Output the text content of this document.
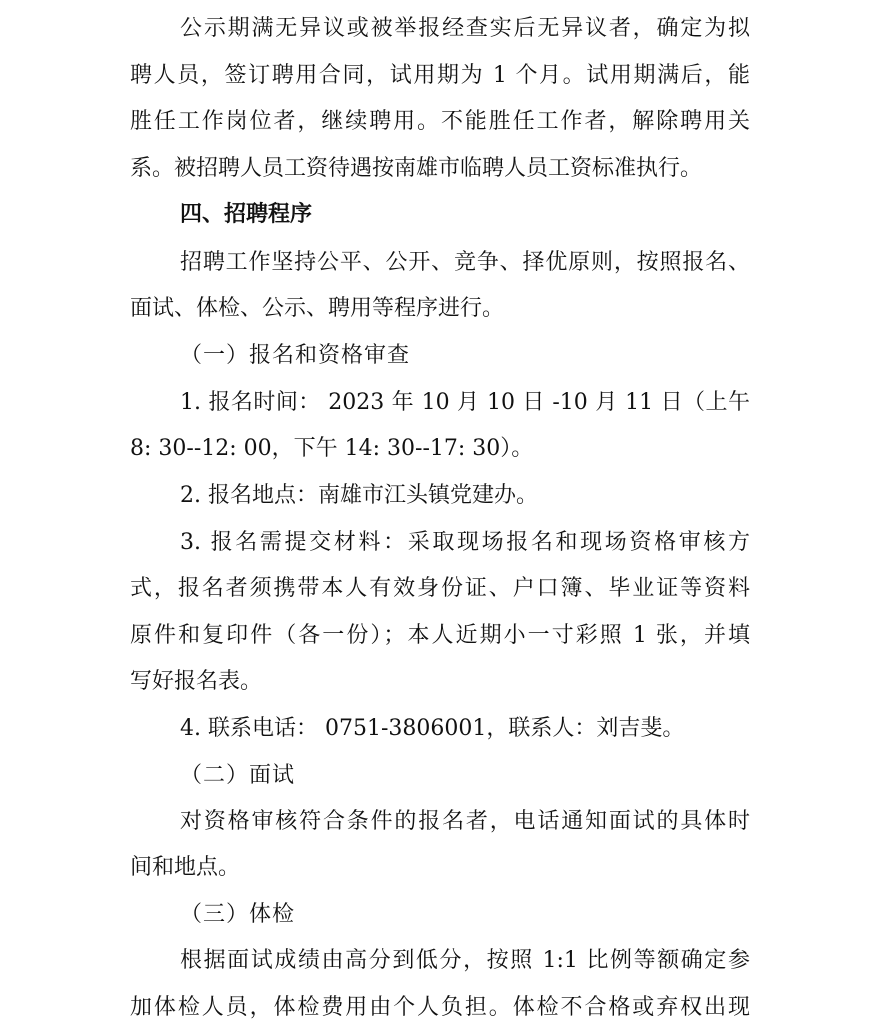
公示期满无异议或被举报经查实后无异议者，确定为拟
聘人员，签订聘用合同，试用期为 1 个月。试用期满后，能
胜任工作岗位者，继续聘用。不能胜任工作者，解除聘用关
系。被招聘人员工资待遇按南雄市临聘人员工资标准执行。
四、招聘程序
招聘工作坚持公平、公开、竞争、择优原则，按照报名、
面试、体检、公示、聘用等程序进行。
（一）报名和资格审查
1. 报名时间： 2023 年 10 月 10 日 -10 月 11 日（上午
8: 30--12: 00，下午 14: 30--17: 30）。
2. 报名地点：南雄市江头镇党建办。
3. 报名需提交材料：采取现场报名和现场资格审核方
式，报名者须携带本人有效身份证、户口簿、毕业证等资料
原件和复印件（各一份）；本人近期小一寸彩照 1 张，并填
写好报名表。
4. 联系电话： 0751-3806001，联系人：刘吉斐。
（二）面试
对资格审核符合条件的报名者，电话通知面试的具体时
间和地点。
（三）体检
根据面试成绩由高分到低分，按照 1:1 比例等额确定参
加体检人员，体检费用由个人负担。体检不合格或弃权出现
